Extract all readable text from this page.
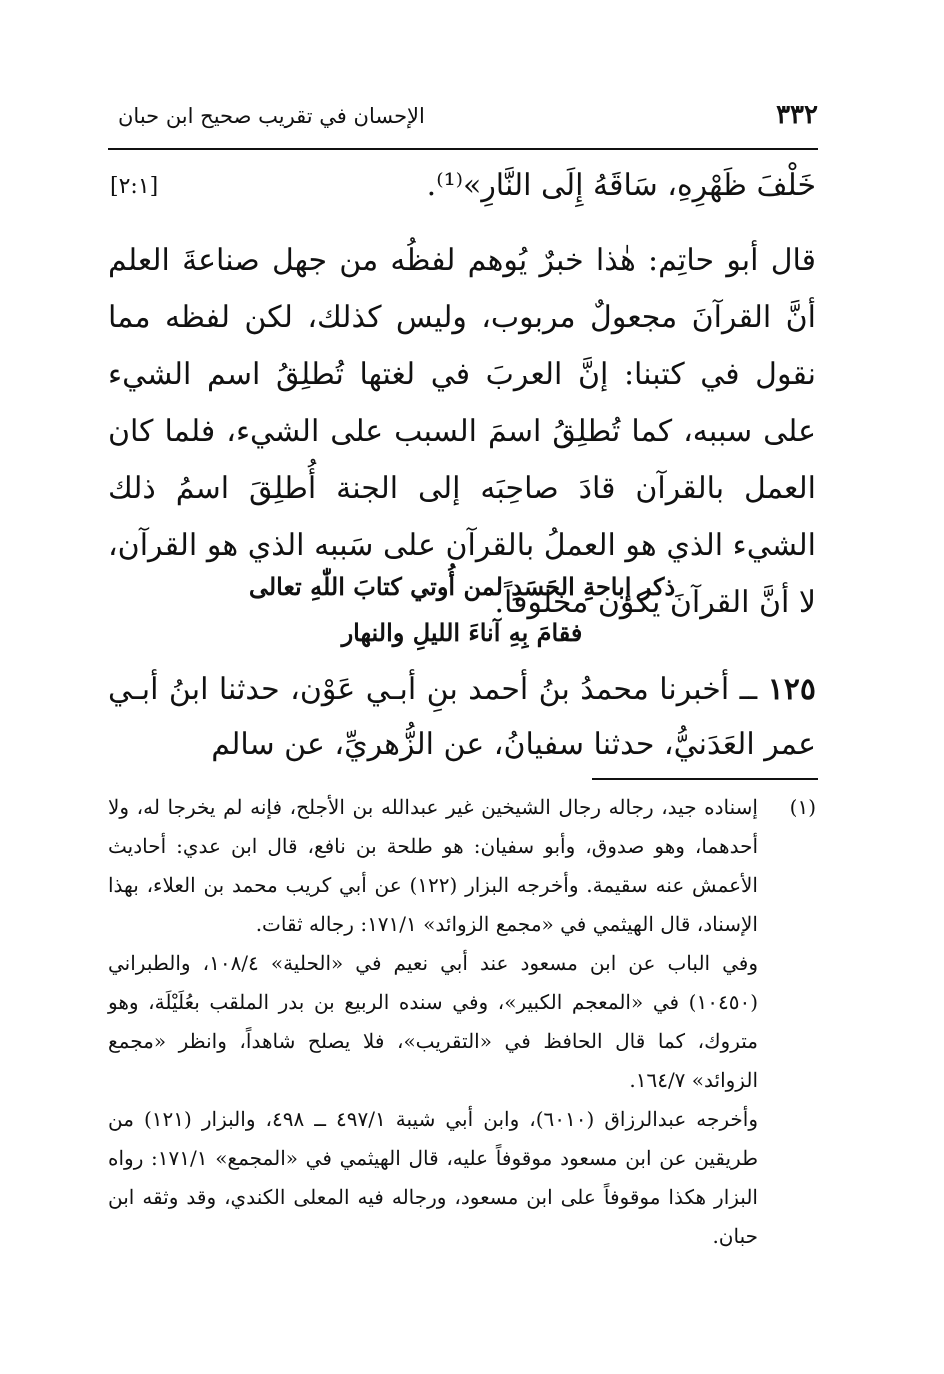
٣٣٢
الإحسان في تقريب صحيح ابن حبان
خَلْفَ ظَهْرِهِ، سَاقَهُ إِلَى النَّارِ»⁽¹⁾.
[٢:١]

قال أبو حاتِم: هٰذا خبرٌ يُوهم لفظُه من جهل صناعةَ العلم أنَّ القرآنَ مجعولٌ مربوب، وليس كذلك، لكن لفظه مما نقول في كتبنا: إنَّ العربَ في لغتها تُطلِقُ اسم الشيء على سببه، كما تُطلِقُ اسمَ السبب على الشيء، فلما كان العمل بالقرآن قادَ صاحِبَه إلى الجنة أُطلِقَ اسمُ ذلك الشيء الذي هو العملُ بالقرآن على سَببه الذي هو القرآن، لا أنَّ القرآنَ يكون مخلوقاً.

ذكر إباحةِ الحَسَدِ لمن أُوتي كتابَ اللّٰهِ تعالى

فقامَ بِهِ آناءَ الليلِ والنهار

١٢٥ ــ أخبرنا محمدُ بنُ أحمد بنِ أبـي عَوْن، حدثنا ابنُ أبـي عمر العَدَنيُّ، حدثنا سفيانُ، عن الزُّهريِّ، عن سالم

(١)

إسناده جيد، رجاله رجال الشيخين غير عبدالله بن الأجلح، فإنه لم يخرجا له، ولا أحدهما، وهو صدوق، وأبو سفيان: هو طلحة بن نافع، قال ابن عدي: أحاديث الأعمش عنه سقيمة. وأخرجه البزار (١٢٢) عن أبي كريب محمد بن العلاء، بهذا الإسناد، قال الهيثمي في «مجمع الزوائد» ١٧١/١: رجاله ثقات.

وفي الباب عن ابن مسعود عند أبي نعيم في «الحلية» ١٠٨/٤، والطبراني (١٠٤٥٠) في «المعجم الكبير»، وفي سنده الربيع بن بدر الملقب بعُلَيْلَة، وهو متروك، كما قال الحافظ في «التقريب»، فلا يصلح شاهداً، وانظر «مجمع الزوائد» ١٦٤/٧.

وأخرجه عبدالرزاق (٦٠١٠)، وابن أبي شيبة ٤٩٧/١ ــ ٤٩٨، والبزار (١٢١) من طريقين عن ابن مسعود موقوفاً عليه، قال الهيثمي في «المجمع» ١٧١/١: رواه البزار هكذا موقوفاً على ابن مسعود، ورجاله فيه المعلى الكندي، وقد وثقه ابن حبان.
